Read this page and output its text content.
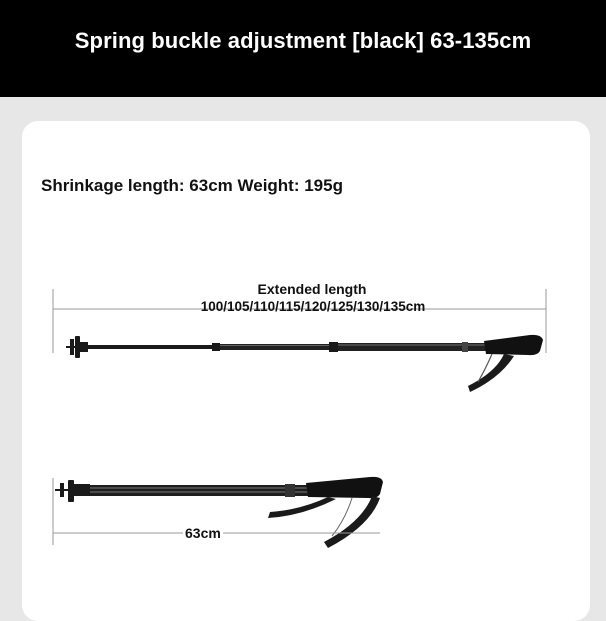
Spring buckle adjustment [black] 63-135cm
Shrinkage length: 63cm Weight: 195g
Extended length
100/105/110/115/120/125/130/135cm
63cm
